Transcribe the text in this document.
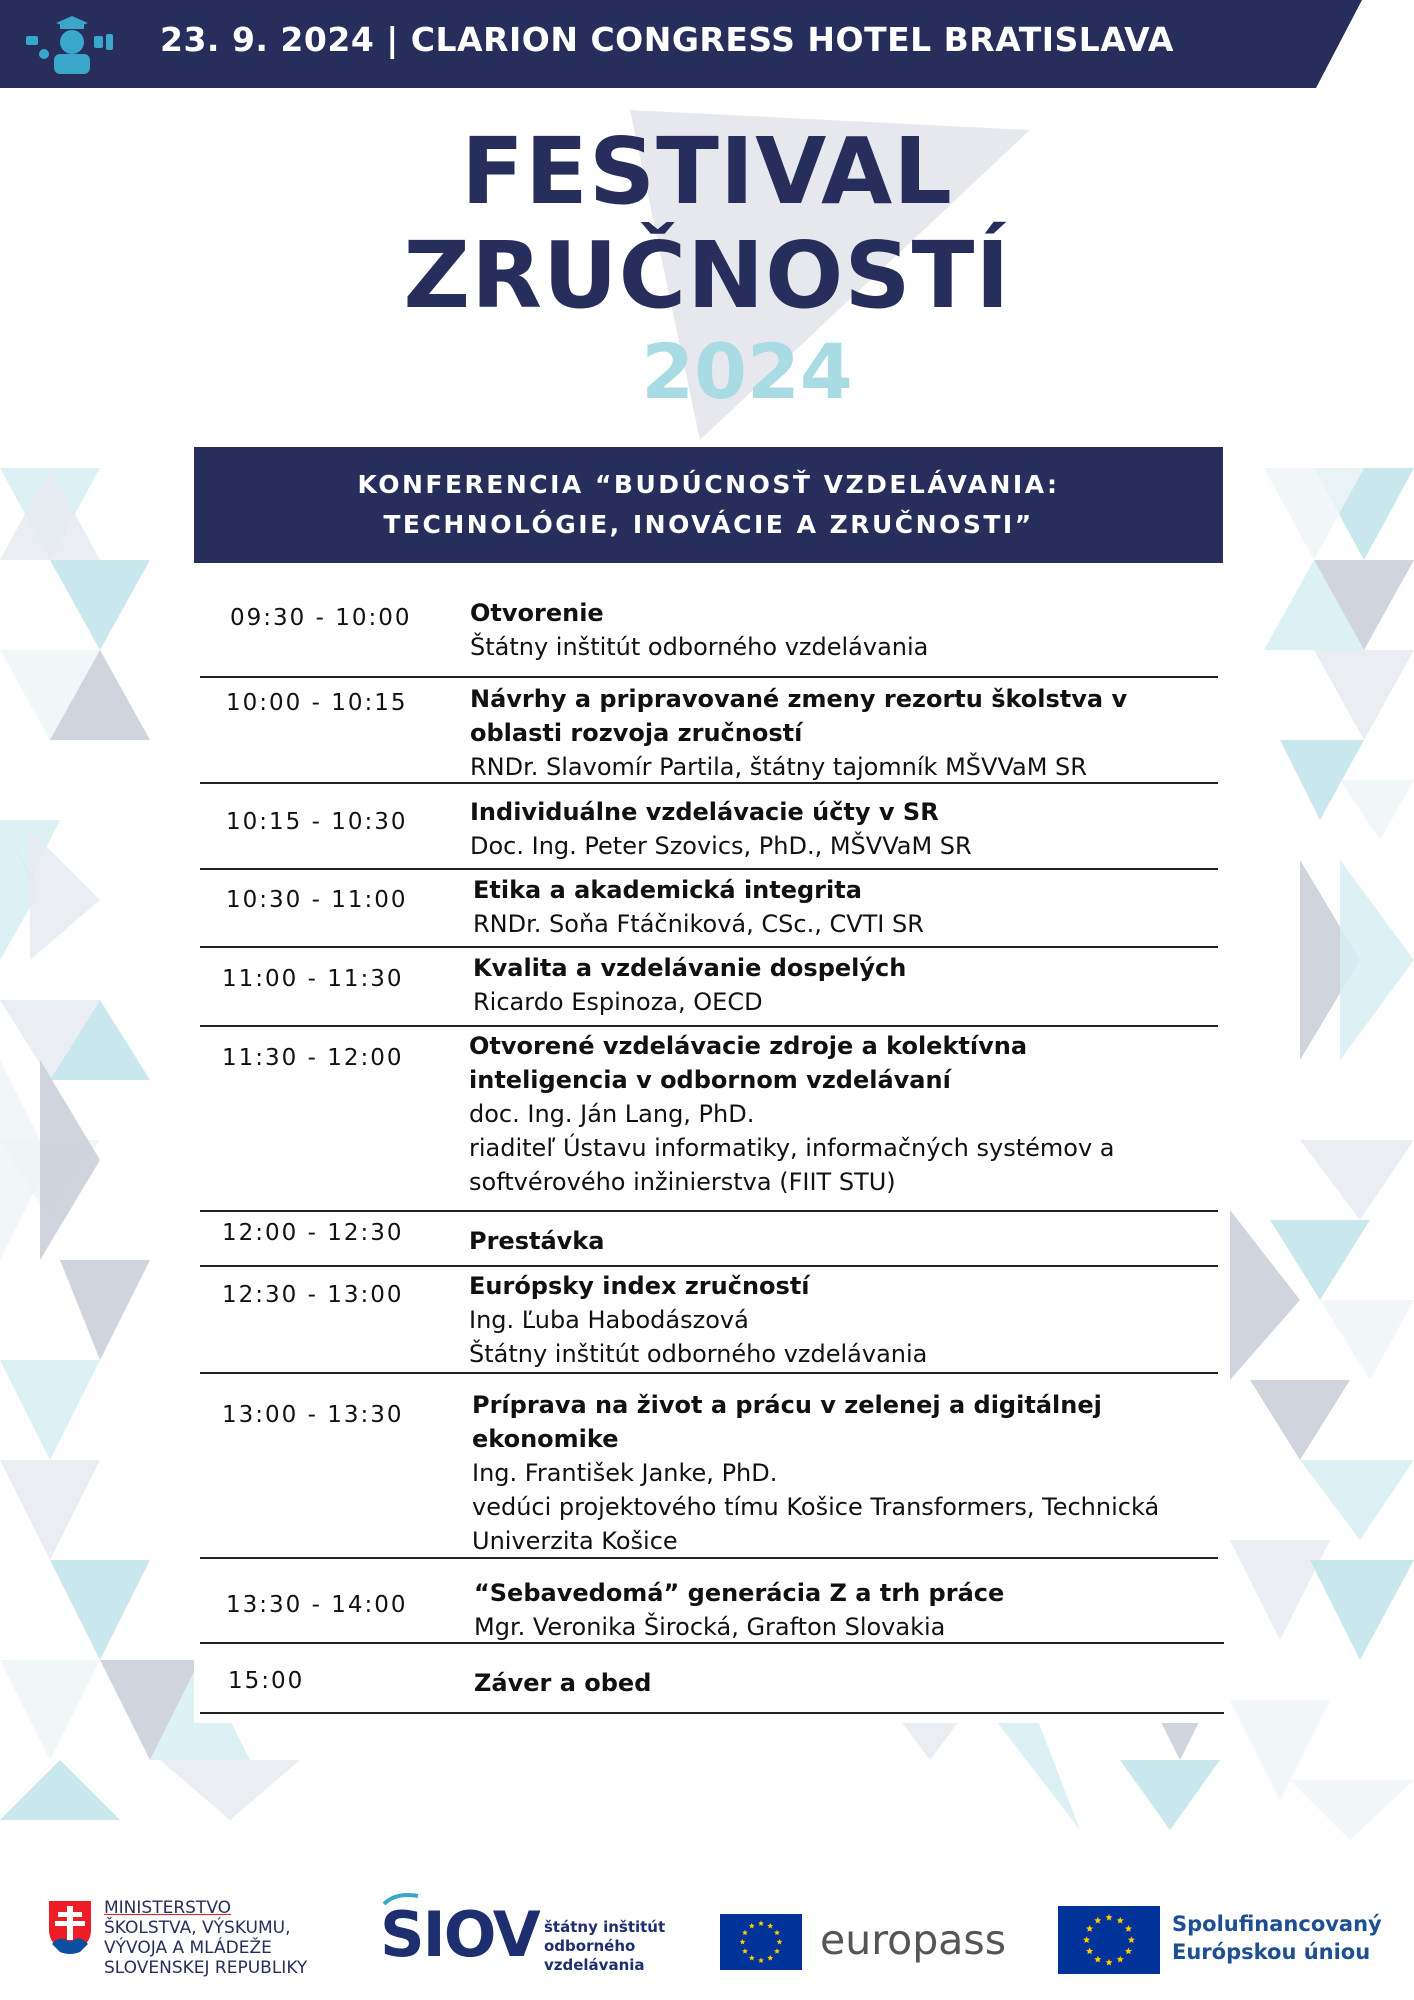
23. 9. 2024 | CLARION CONGRESS HOTEL BRATISLAVA
FESTIVAL
ZRUČNOSTÍ
2024
KONFERENCIA “BUDÚCNOSŤ VZDELÁVANIA:
TECHNOLÓGIE, INOVÁCIE A ZRUČNOSTI”
09:30 - 10:00 Otvorenie
Štátny inštitút odborného vzdelávania
10:00 - 10:15	Návrhy a pripravované zmeny rezortu školstva v oblasti rozvoja zručností
RNDr. Slavomír Partila, štátny tajomník MŠVVaM SR
10:15 - 10:30	Individuálne vzdelávacie účty v SR
Doc. Ing. Peter Szovics, PhD., MŠVVaM SR
10:30 - 11:00	Etika a akademická integrita
RNDr. Soňa Ftáčniková, CSc., CVTI SR
11:00 - 11:30	Kvalita a vzdelávanie dospelých
Ricardo Espinoza, OECD
11:30 - 12:00	Otvorené vzdelávacie zdroje a kolektívna inteligencia v odbornom vzdelávaní
doc. Ing. Ján Lang, PhD.
riaditeľ Ústavu informatiky, informačných systémov a softvérového inžinierstva (FIIT STU)
12:00 - 12:30	Prestávka
12:30 - 13:00	Európsky index zručností
Ing. Ľuba Habodászová
Štátny inštitút odborného vzdelávania
13:00 - 13:30	Príprava na život a prácu v zelenej a digitálnej ekonomike
Ing. František Janke, PhD.
vedúci projektového tímu Košice Transformers, Technická Univerzita Košice
13:30 - 14:00	“Sebavedomá” generácia Z a trh práce
Mgr. Veronika Širocká, Grafton Slovakia
15:00	Záver a obed
MINISTERSTVO
ŠKOLSTVA, VÝSKUMU,
VÝVOJA A MLÁDEŽE
SLOVENSKEJ REPUBLIKY SIOV štátny inštitút
odborného
vzdelávania
europass	Spolufinancovaný
Európskou úniou
